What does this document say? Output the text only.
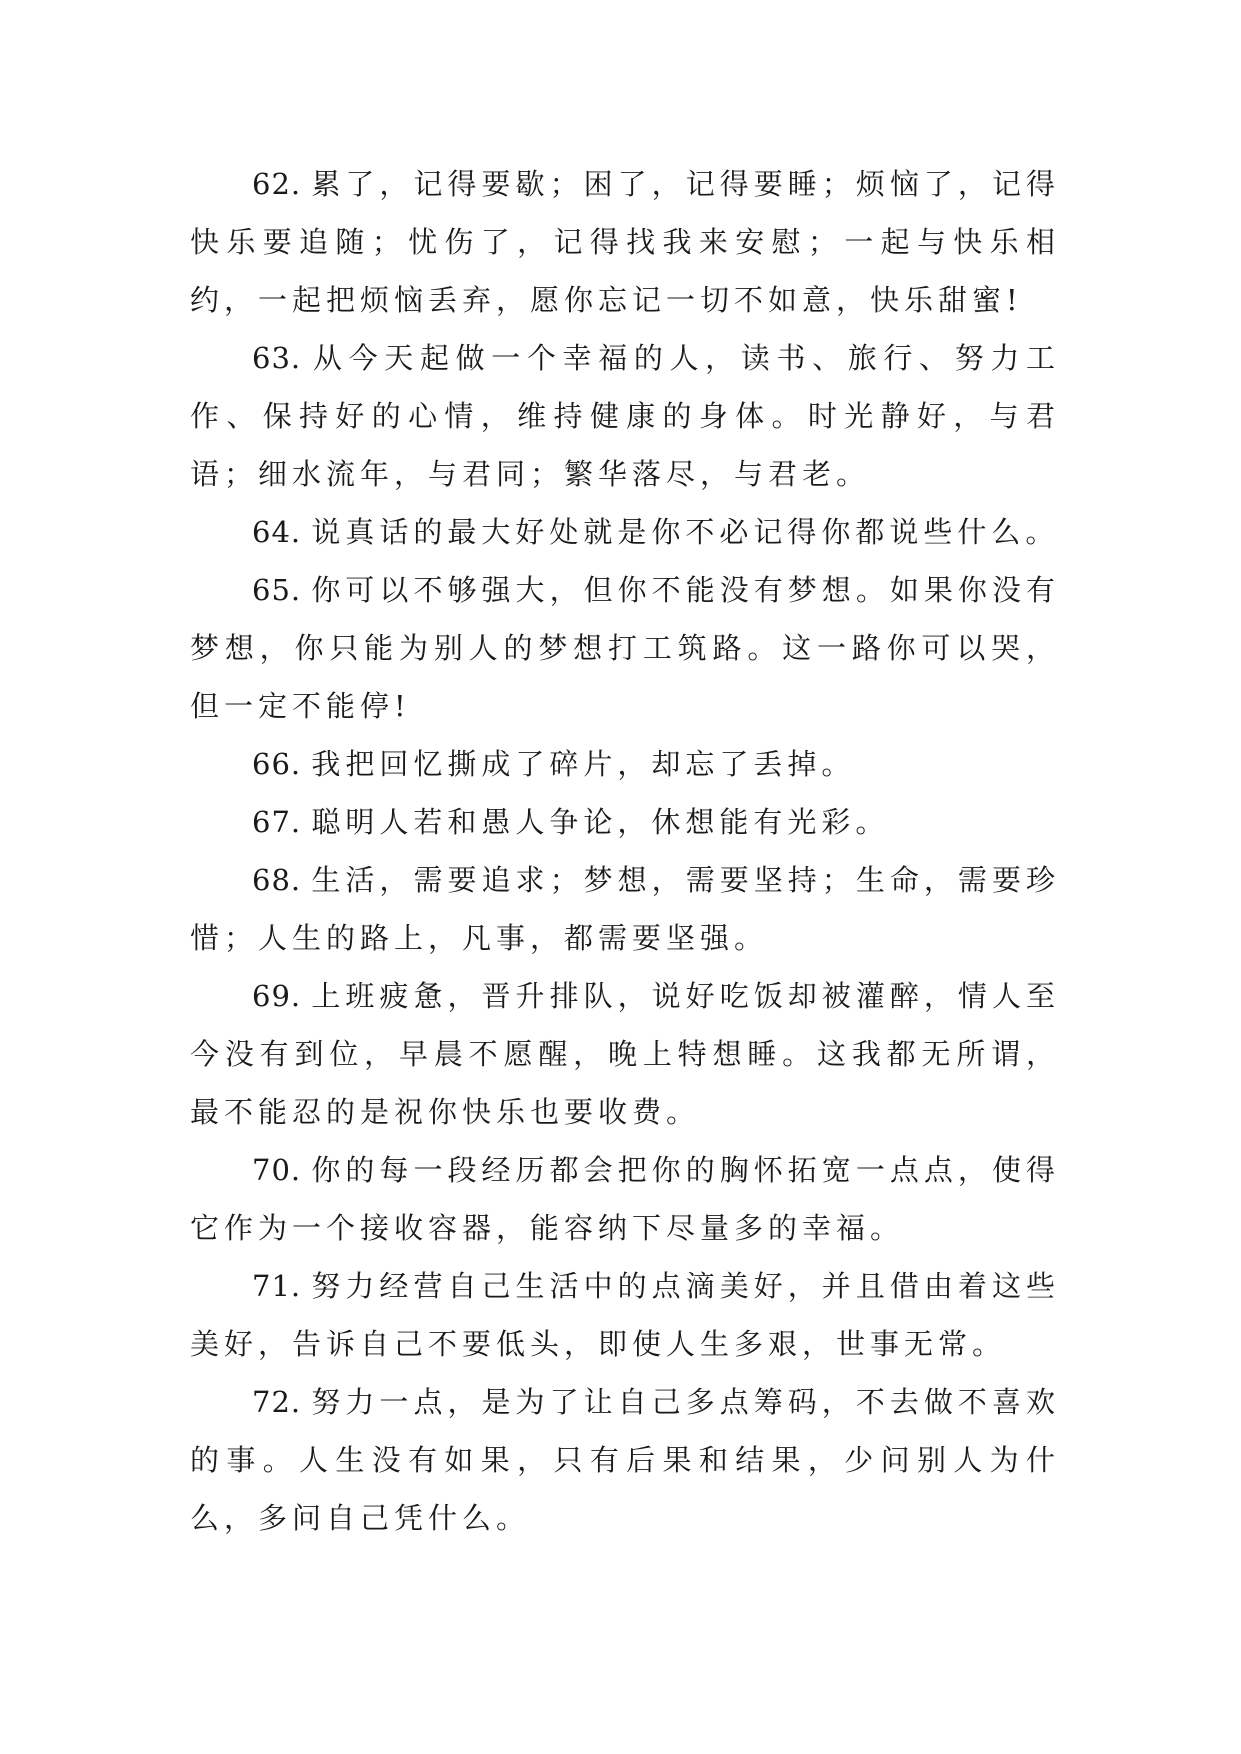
62. 累了，记得要歇；困了，记得要睡；烦恼了，记得快乐要追随；忧伤了，记得找我来安慰；一起与快乐相约，一起把烦恼丢弃，愿你忘记一切不如意，快乐甜蜜!

63. 从今天起做一个幸福的人，读书、旅行、努力工作、保持好的心情，维持健康的身体。时光静好，与君语；细水流年，与君同；繁华落尽，与君老。

64. 说真话的最大好处就是你不必记得你都说些什么。

65. 你可以不够强大，但你不能没有梦想。如果你没有梦想，你只能为别人的梦想打工筑路。这一路你可以哭，但一定不能停!

66. 我把回忆撕成了碎片，却忘了丢掉。

67. 聪明人若和愚人争论，休想能有光彩。

68. 生活，需要追求；梦想，需要坚持；生命，需要珍惜；人生的路上，凡事，都需要坚强。

69. 上班疲惫，晋升排队，说好吃饭却被灌醉，情人至今没有到位，早晨不愿醒，晚上特想睡。这我都无所谓，最不能忍的是祝你快乐也要收费。

70. 你的每一段经历都会把你的胸怀拓宽一点点，使得它作为一个接收容器，能容纳下尽量多的幸福。

71. 努力经营自己生活中的点滴美好，并且借由着这些美好，告诉自己不要低头，即使人生多艰，世事无常。

72. 努力一点，是为了让自己多点筹码，不去做不喜欢的事。人生没有如果，只有后果和结果，少问别人为什么，多问自己凭什么。
